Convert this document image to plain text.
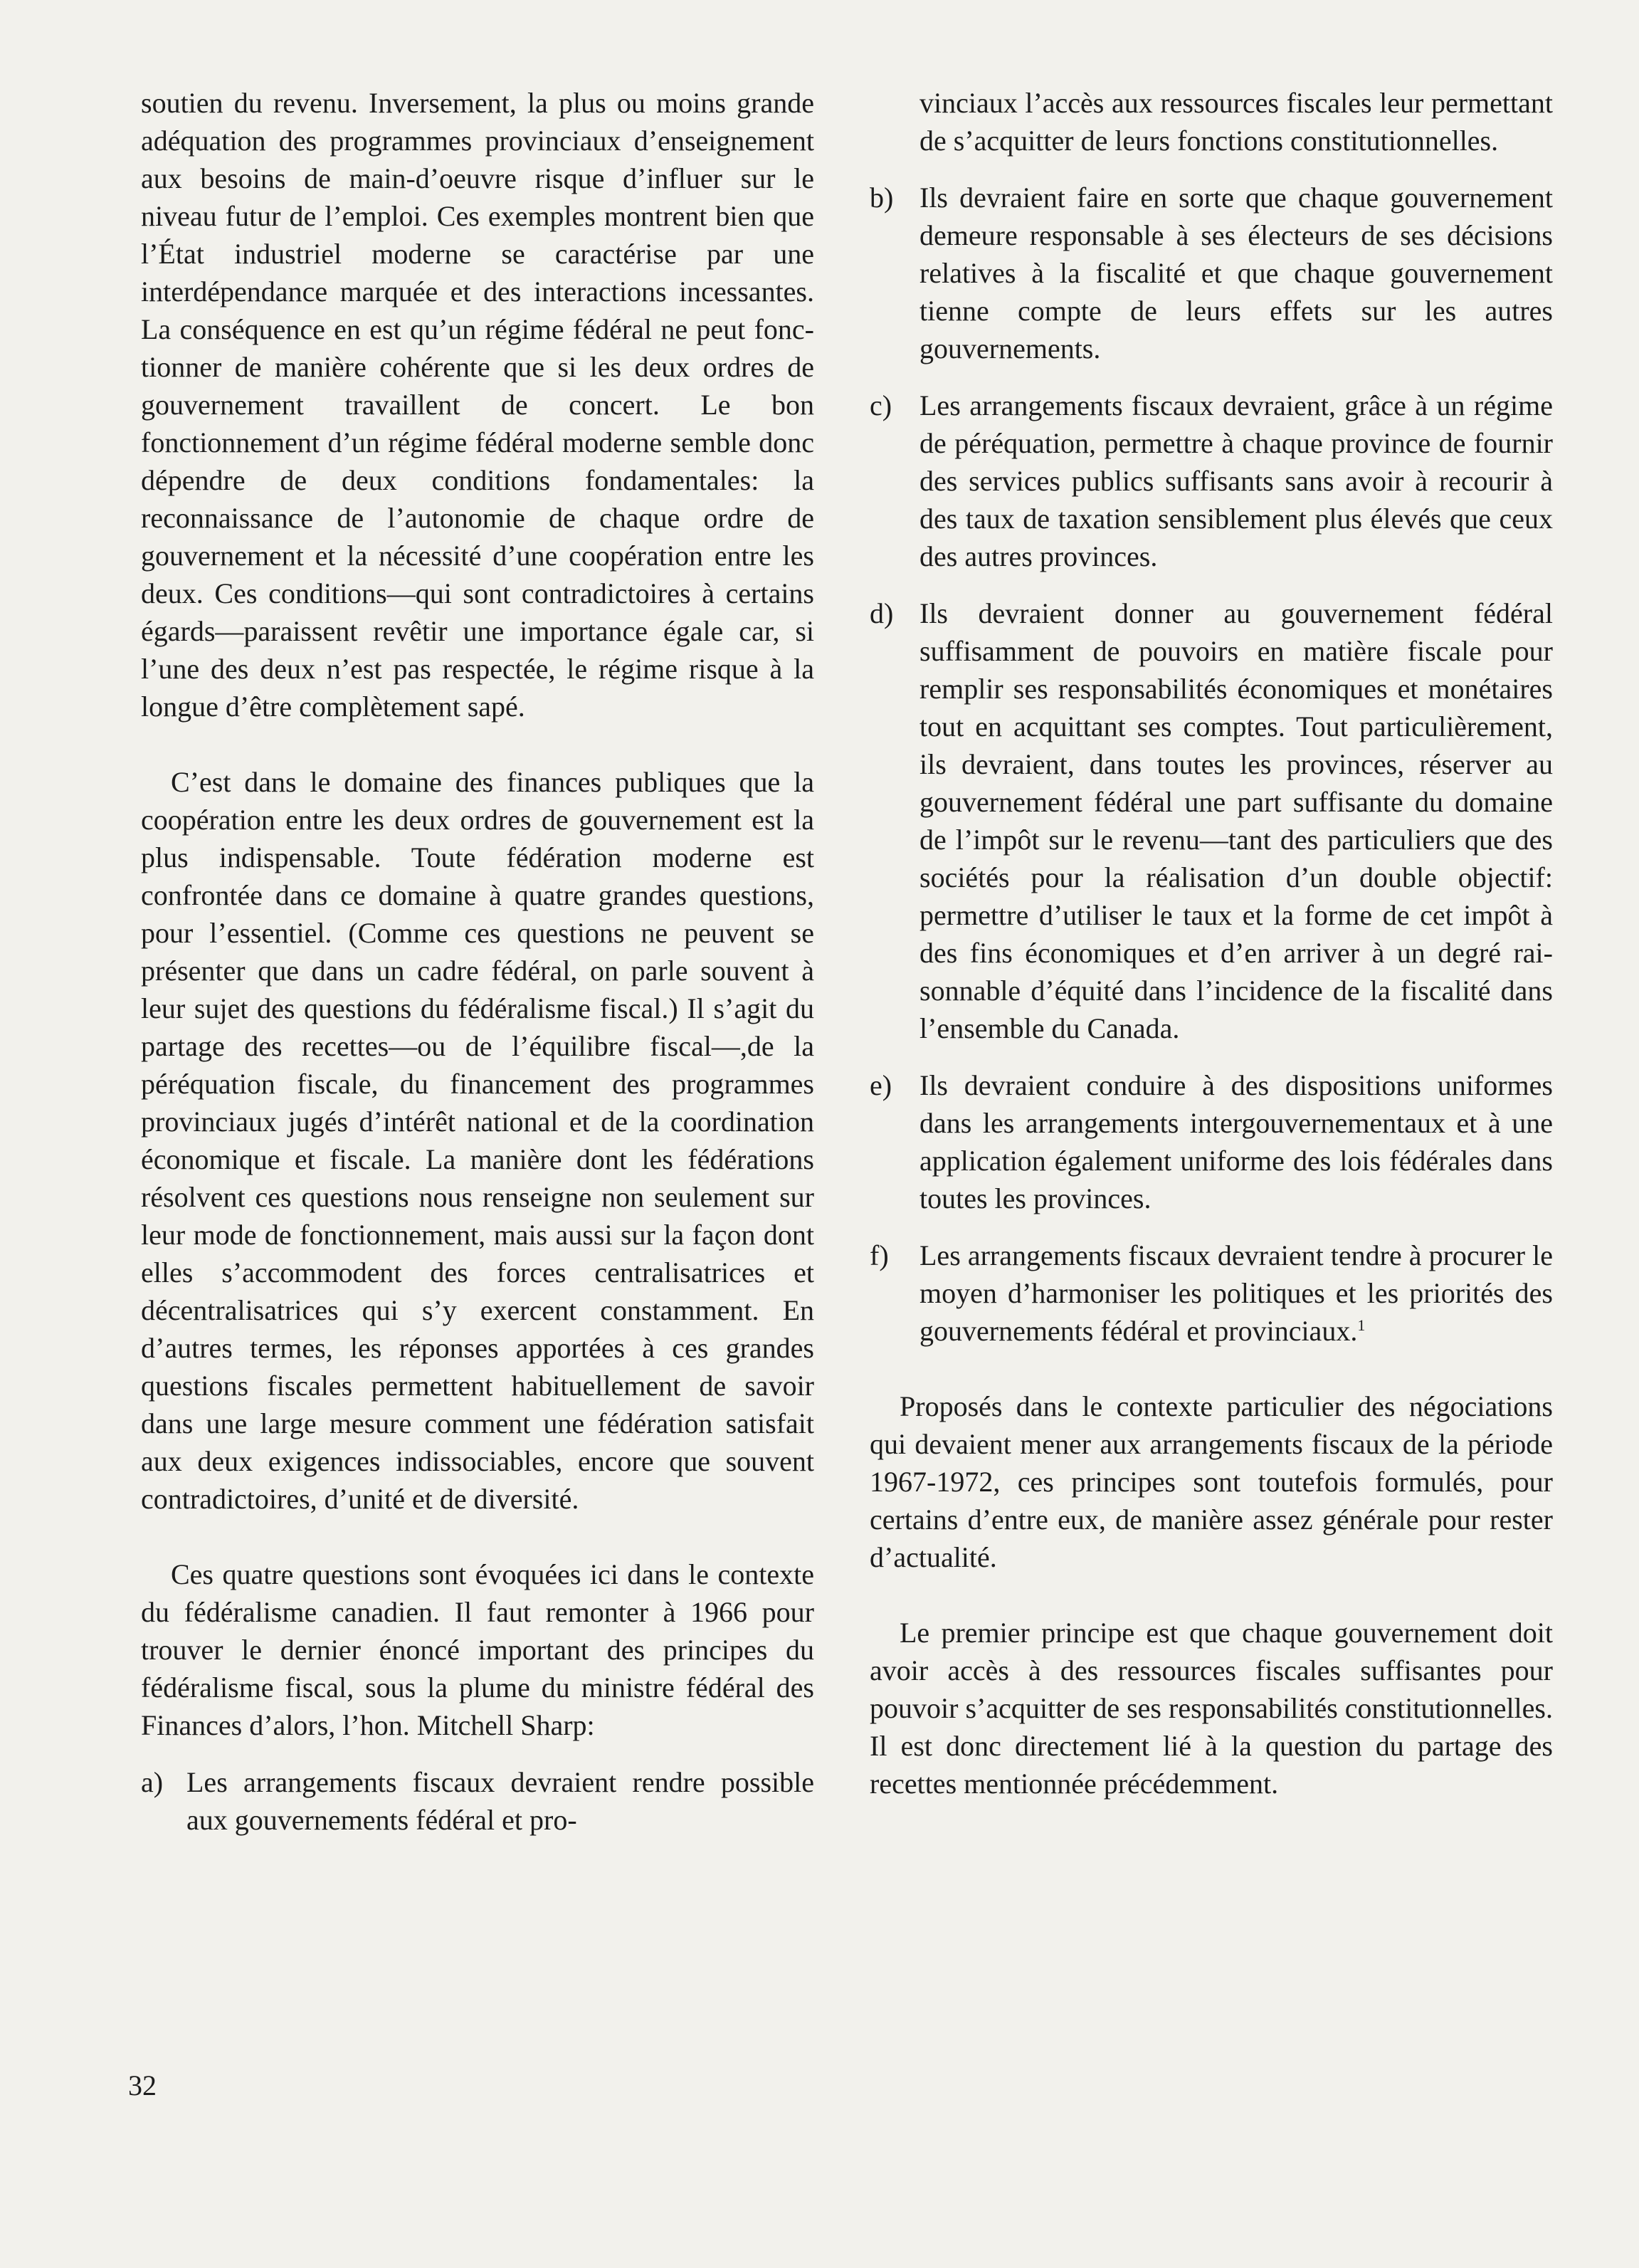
soutien du revenu. Inversement, la plus ou moins grande adéquation des programmes provinciaux d’enseignement aux besoins de main-d’oeuvre risque d’influer sur le niveau futur de l’emploi. Ces exemples montrent bien que l’État industriel moderne se caractérise par une interdépendance marquée et des interactions incessantes. La conséquence en est qu’un régime fédéral ne peut fonctionner de manière cohérente que si les deux ordres de gouvernement travaillent de concert. Le bon fonctionnement d’un régime fédéral moderne semble donc dépendre de deux conditions fondamentales: la reconnaissance de l’autonomie de chaque ordre de gouvernement et la nécessité d’une coopération entre les deux. Ces conditions—qui sont contradictoires à certains égards—paraissent revêtir une importance égale car, si l’une des deux n’est pas respectée, le régime risque à la longue d’être complètement sapé.

C’est dans le domaine des finances publiques que la coopération entre les deux ordres de gouvernement est la plus indispensable. Toute fédération moderne est confrontée dans ce domaine à quatre grandes questions, pour l’essentiel. (Comme ces questions ne peuvent se présenter que dans un cadre fédéral, on parle souvent à leur sujet des questions du fédéralisme fiscal.) Il s’agit du partage des recettes—ou de l’équilibre fiscal—,de la péréquation fiscale, du financement des programmes provinciaux jugés d’intérêt national et de la coordination économique et fiscale. La manière dont les fédérations résolvent ces questions nous renseigne non seulement sur leur mode de fonctionnement, mais aussi sur la façon dont elles s’accommodent des forces centralisatrices et décentralisatrices qui s’y exercent constamment. En d’autres termes, les réponses apportées à ces grandes questions fiscales permettent habituellement de savoir dans une large mesure comment une fédération satisfait aux deux exigences indissociables, encore que souvent contradictoires, d’unité et de diversité.

Ces quatre questions sont évoquées ici dans le contexte du fédéralisme canadien. Il faut remonter à 1966 pour trouver le dernier énoncé important des principes du fédéralisme fiscal, sous la plume du ministre fédéral des Finances d’alors, l’hon. Mitchell Sharp:

a) Les arrangements fiscaux devraient rendre possible aux gouvernements fédéral et pro-
vinciaux l’accès aux ressources fiscales leur permettant de s’acquitter de leurs fonctions constitutionnelles.
b) Ils devraient faire en sorte que chaque gouvernement demeure responsable à ses électeurs de ses décisions relatives à la fiscalité et que chaque gouvernement tienne compte de leurs effets sur les autres gouvernements.
c) Les arrangements fiscaux devraient, grâce à un régime de péréquation, permettre à chaque province de fournir des services publics suffisants sans avoir à recourir à des taux de taxation sensiblement plus élevés que ceux des autres provinces.
d) Ils devraient donner au gouvernement fédéral suffisamment de pouvoirs en matière fiscale pour remplir ses responsabilités économiques et monétaires tout en acquittant ses comptes. Tout particulièrement, ils devraient, dans toutes les provinces, réserver au gouvernement fédéral une part suffisante du domaine de l’impôt sur le revenu—tant des particuliers que des sociétés pour la réalisation d’un double objectif: permettre d’utiliser le taux et la forme de cet impôt à des fins économiques et d’en arriver à un degré raisonnable d’équité dans l’incidence de la fiscalité dans l’ensemble du Canada.
e) Ils devraient conduire à des dispositions uniformes dans les arrangements intergouvernementaux et à une application également uniforme des lois fédérales dans toutes les provinces.
f)	Les arrangements fiscaux devraient tendre à procurer le moyen d’harmoniser les politiques et les priorités des gouvernements fédéral et provinciaux.$^1$

Proposés dans le contexte particulier des négociations qui devaient mener aux arrangements fiscaux de la période 1967-1972, ces principes sont toutefois formulés, pour certains d’entre eux, de manière assez générale pour rester d’actualité.

Le premier principe est que chaque gouvernement doit avoir accès à des ressources fiscales suffisantes pour pouvoir s’acquitter de ses responsabilités constitutionnelles. Il est donc directement lié à la question du partage des recettes mentionnée précédemment.

32
